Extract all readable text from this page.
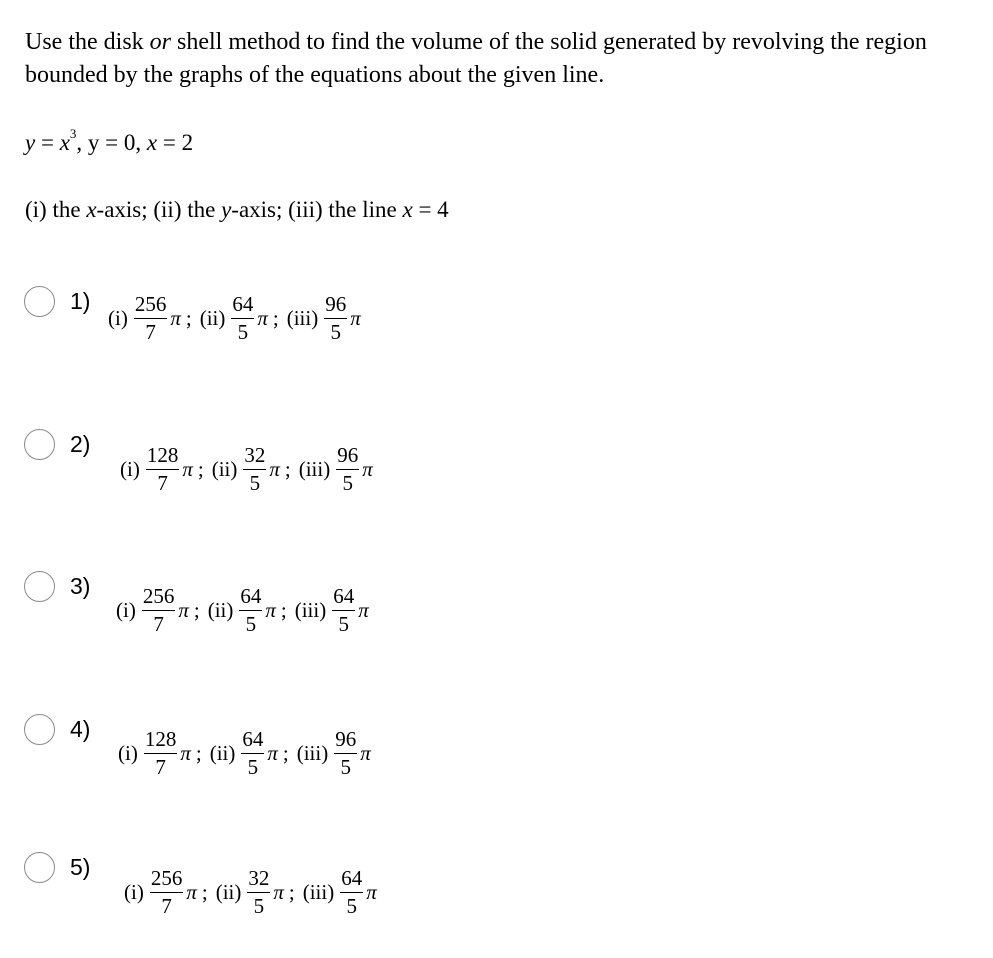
Use the disk or shell method to find the volume of the solid generated by revolving the region bounded by the graphs of the equations about the given line.
$y = x^3$, y = 0, x = 2
(i) the x-axis; (ii) the y-axis; (iii) the line x = 4
1)
$(i) \frac{256}{7}$ π ; $(ii) \frac{64}{5}$ π ; $(iii) \frac{96}{5}$ π
2)
$(i) \frac{128}{7}$ π ; $(ii) \frac{32}{5}$ π ; $(iii) \frac{96}{5}$ π
3)
$(i) \frac{256}{7}$ π ; $(ii) \frac{64}{5}$ π ; $(iii) \frac{64}{5}$ π
4)
$(i) \frac{128}{7}$ π ; $(ii) \frac{64}{5}$ π ; $(iii) \frac{96}{5}$ π
5)
$(i) \frac{256}{7}$ π ; $(ii) \frac{32}{5}$ π ; $(iii) \frac{64}{5}$ π
